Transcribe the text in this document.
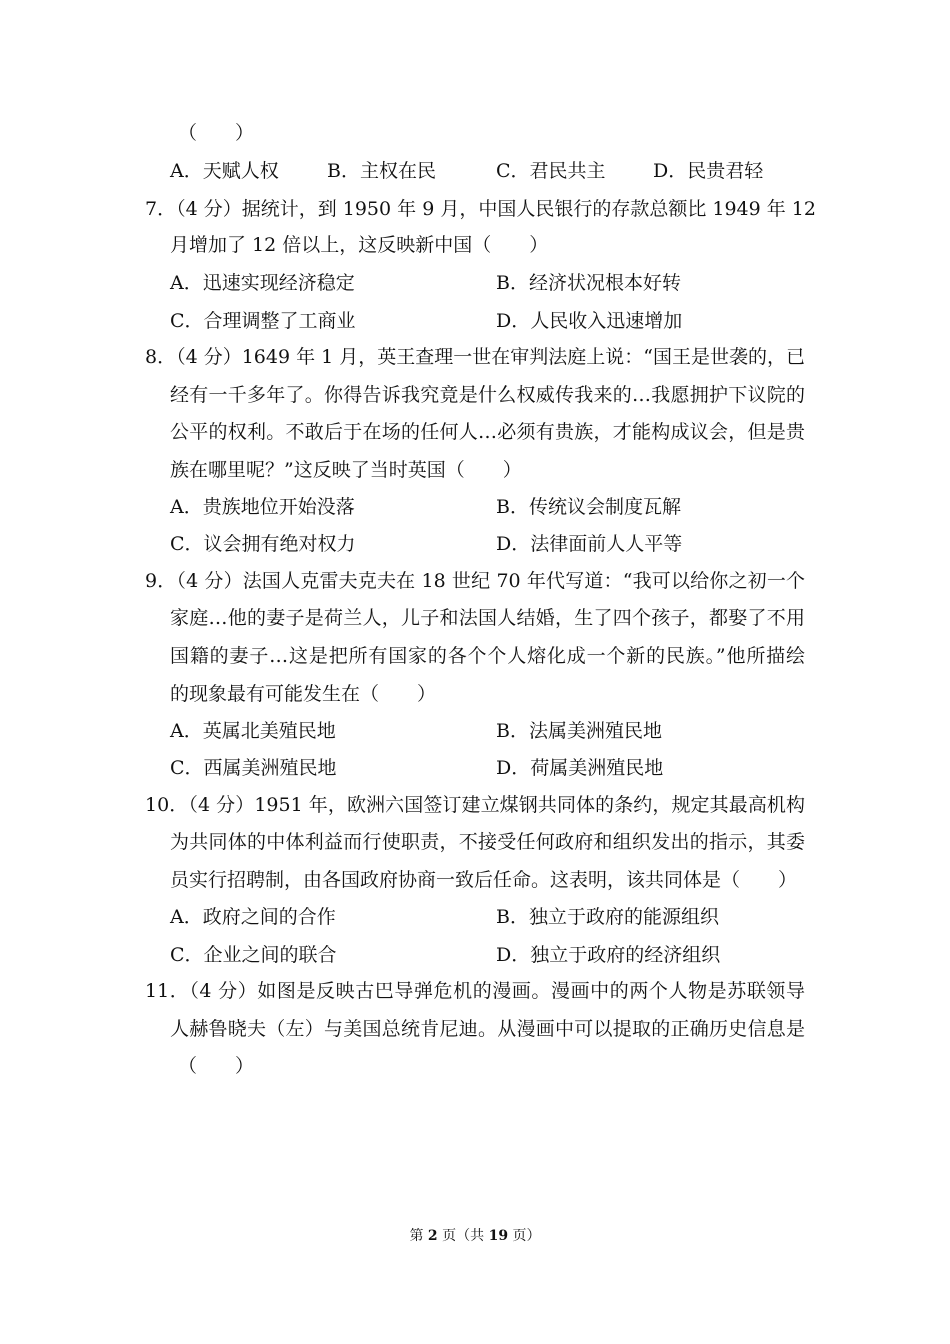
（　　）
A．天赋人权	B．主权在民	C．君民共主 D．民贵君轻
7．（4 分）据统计，到 1950 年 9 月，中国人民银行的存款总额比 1949 年 12
月增加了 12 倍以上，这反映新中国（　　）
A．迅速实现经济稳定	B．经济状况根本好转
C．合理调整了工商业	D．人民收入迅速增加
8．（4 分）1649 年 1 月，英王查理一世在审判法庭上说：“国王是世袭的，已
经有一千多年了。你得告诉我究竟是什么权威传我来的…我愿拥护下议院的
公平的权利。不敢后于在场的任何人…必须有贵族，才能构成议会，但是贵
族在哪里呢？”这反映了当时英国（　　）
A．贵族地位开始没落	B．传统议会制度瓦解
C．议会拥有绝对权力	D．法律面前人人平等
9．（4 分）法国人克雷夫克夫在 18 世纪 70 年代写道：“我可以给你之初一个
家庭…他的妻子是荷兰人，儿子和法国人结婚，生了四个孩子，都娶了不用
国籍的妻子…这是把所有国家的各个个人熔化成一个新的民族。”他所描绘
的现象最有可能发生在（　　）
A．英属北美殖民地	B．法属美洲殖民地
C．西属美洲殖民地	D．荷属美洲殖民地
10．（4 分）1951 年，欧洲六国签订建立煤钢共同体的条约，规定其最高机构
为共同体的中体利益而行使职责，不接受任何政府和组织发出的指示，其委
员实行招聘制，由各国政府协商一致后任命。这表明，该共同体是（　　）
A．政府之间的合作	B．独立于政府的能源组织
C．企业之间的联合	D．独立于政府的经济组织
11．（4 分）如图是反映古巴导弹危机的漫画。漫画中的两个人物是苏联领导
人赫鲁晓夫（左）与美国总统肯尼迪。从漫画中可以提取的正确历史信息是
（　　）
第 2 页（共 19 页）
